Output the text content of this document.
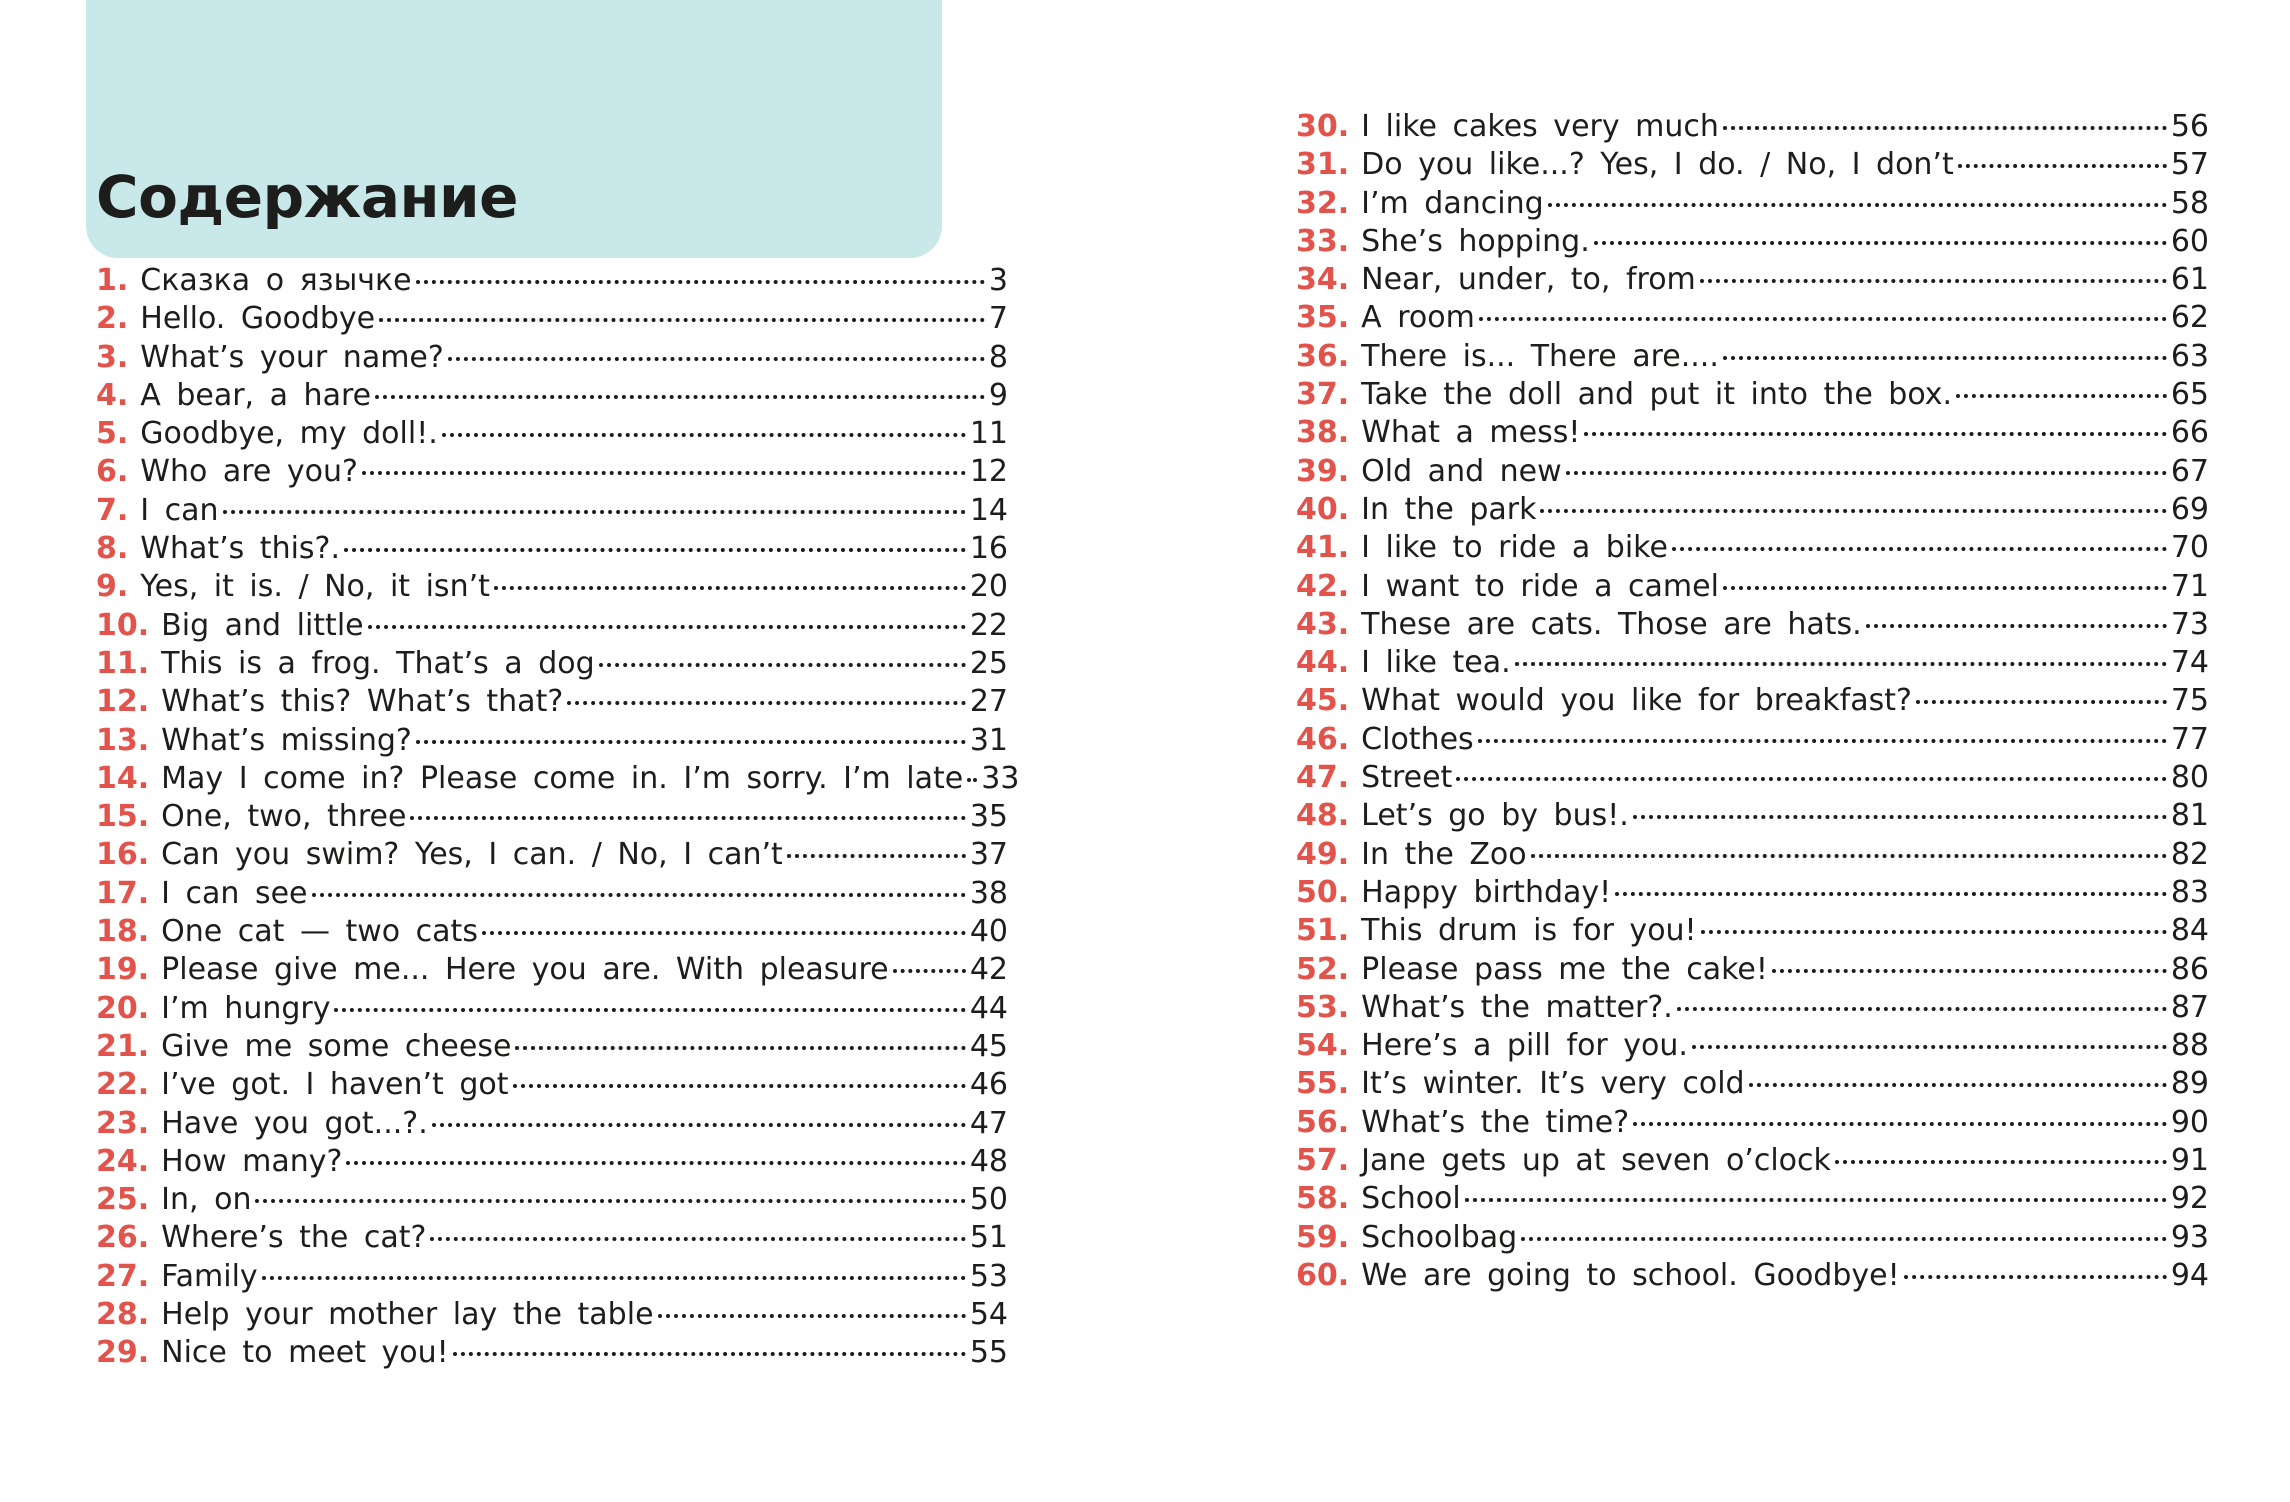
Содержание
1. Сказка о язычке	3
2. Hello. Goodbye	7
3. What’s your name?	8
4. A bear, a hare	9
5. Goodbye, my doll!.	11
6. Who are you?	12
7. I can	14
8. What’s this?.	16
9. Yes, it is. / No, it isn’t	20
10. Big and little	22
11. This is a frog. That’s a dog	25
12. What’s this? What’s that?	27
13. What’s missing?	31
14. May I come in? Please come in. I’m sorry. I’m late 33
15. One, two, three	35
16. Can you swim? Yes, I can. / No, I can’t	37
17. I can see	38
18. One cat — two cats	40
19. Please give me... Here you are. With pleasure	42
20. I’m hungry	44
21. Give me some cheese	45
22. I’ve got. I haven’t got	46
23. Have you got...?.	47
24. How many?	48
25. In, on	50
26. Where’s the cat?	51
27. Family	53
28. Help your mother lay the table	54
29. Nice to meet you!	55
30. I like cakes very much	56
31. Do you like...? Yes, I do. / No, I don’t	57
32. I’m dancing	58
33. She’s hopping.	60
34. Near, under, to, from	61
35. A room	62
36. There is... There are....	63
37. Take the doll and put it into the box.	65
38. What a mess!	66
39. Old and new	67
40. In the park	69
41. I like to ride a bike	70
42. I want to ride a camel	71
43. These are cats. Those are hats.	73
44. I like tea.	74
45. What would you like for breakfast?	75
46. Clothes	77
47. Street	80
48. Let’s go by bus!.	81
49. In the Zoo	82
50. Happy birthday!	83
51. This drum is for you!	84
52. Please pass me the cake!	86
53. What’s the matter?.	87
54. Here’s a pill for you.	88
55. It’s winter. It’s very cold	89
56. What’s the time?	90
57. Jane gets up at seven o’clock	91
58. School	92
59. Schoolbag	93
60. We are going to school. Goodbye!	94
